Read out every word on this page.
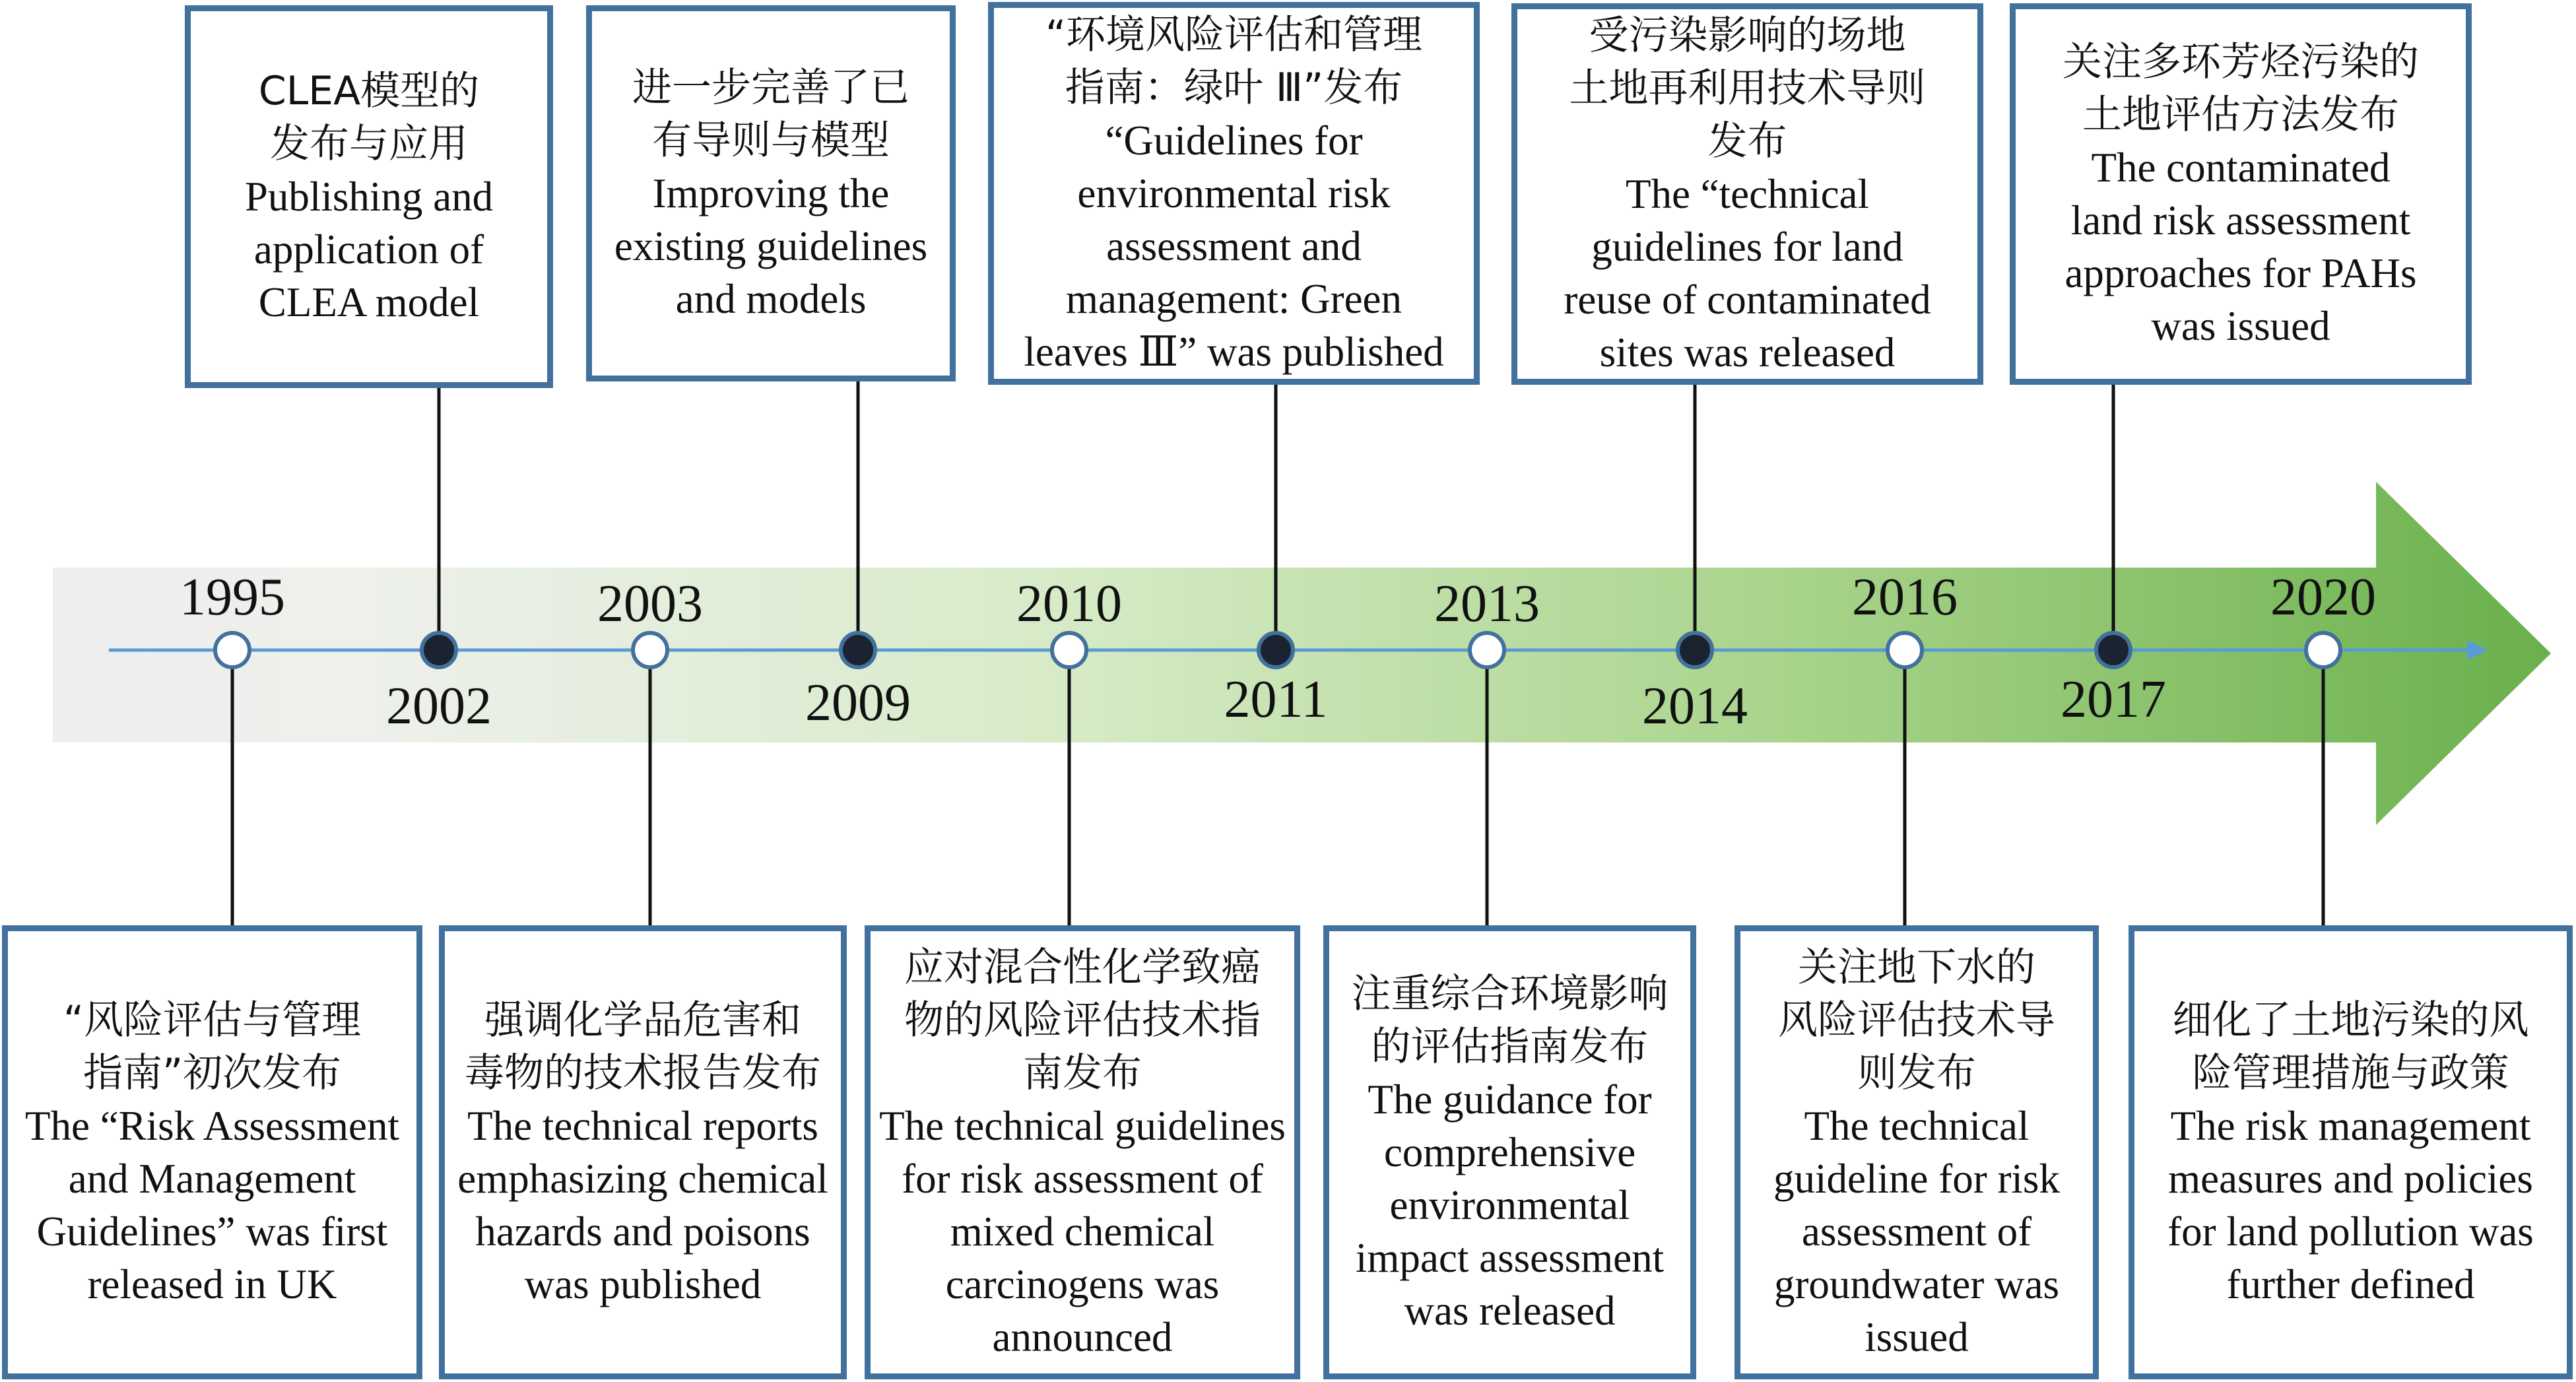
1995
2002
2003
2009
2010
2011
2013
2014
2016
2017
2020
CLEA模型的
发布与应用
Publishing and
application of
CLEA model
进一步完善了已
有导则与模型
Improving the
existing guidelines
and models
“环境风险评估和管理
指南：绿叶 Ⅲ”发布
“Guidelines for
environmental risk
assessment and
management: Green
leaves Ⅲ” was published
受污染影响的场地
土地再利用技术导则
发布
The “technical
guidelines for land
reuse of contaminated
sites was released
关注多环芳烃污染的
土地评估方法发布
The contaminated
land risk assessment
approaches for PAHs
was issued
“风险评估与管理
指南”初次发布
The “Risk Assessment
and Management
Guidelines” was first
released in UK
强调化学品危害和
毒物的技术报告发布
The technical reports
emphasizing chemical
hazards and poisons
was published
应对混合性化学致癌
物的风险评估技术指
南发布
The technical guidelines
for risk assessment of
mixed chemical
carcinogens was
announced
注重综合环境影响
的评估指南发布
The guidance for
comprehensive
environmental
impact assessment
was released
关注地下水的
风险评估技术导
则发布
The technical
guideline for risk
assessment of
groundwater was
issued
细化了土地污染的风
险管理措施与政策
The risk management
measures and policies
for land pollution was
further defined
